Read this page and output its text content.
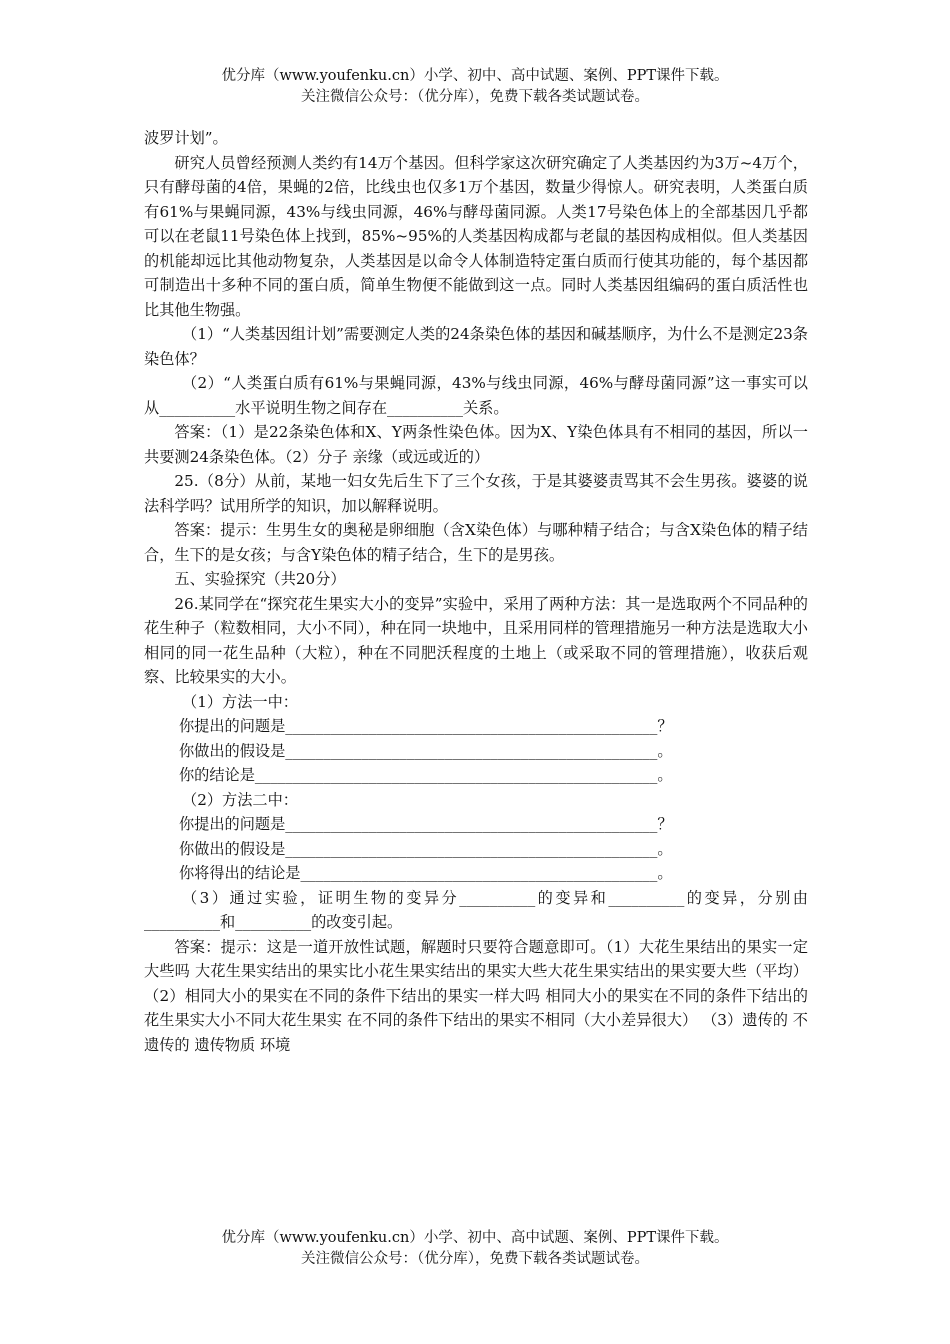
优分库（www.youfenku.cn）小学、初中、高中试题、案例、PPT课件下载。
关注微信公众号：（优分库），免费下载各类试题试卷。

波罗计划”。

研究人员曾经预测人类约有14万个基因。但科学家这次研究确定了人类基因约为3万~4万个，只有酵母菌的4倍，果蝇的2倍，比线虫也仅多1万个基因，数量少得惊人。研究表明，人类蛋白质有61%与果蝇同源，43%与线虫同源，46%与酵母菌同源。人类17号染色体上的全部基因几乎都可以在老鼠11号染色体上找到，85%~95%的人类基因构成都与老鼠的基因构成相似。但人类基因的机能却远比其他动物复杂，人类基因是以命令人体制造特定蛋白质而行使其功能的，每个基因都可制造出十多种不同的蛋白质，简单生物便不能做到这一点。同时人类基因组编码的蛋白质活性也比其他生物强。

（1）“人类基因组计划”需要测定人类的24条染色体的基因和碱基顺序，为什么不是测定23条染色体？

（2）“人类蛋白质有61%与果蝇同源，43%与线虫同源，46%与酵母菌同源”这一事实可以从__________水平说明生物之间存在__________关系。

答案：（1）是22条染色体和X、Y两条性染色体。因为X、Y染色体具有不相同的基因，所以一共要测24条染色体。（2）分子 亲缘（或远或近的）

25.（8分）从前，某地一妇女先后生下了三个女孩，于是其婆婆责骂其不会生男孩。婆婆的说法科学吗？试用所学的知识，加以解释说明。

答案：提示：生男生女的奥秘是卵细胞（含X染色体）与哪种精子结合；与含X染色体的精子结合，生下的是女孩；与含Y染色体的精子结合，生下的是男孩。

五、实验探究（共20分）

26.某同学在“探究花生果实大小的变异”实验中，采用了两种方法：其一是选取两个不同品种的花生种子（粒数相同，大小不同），种在同一块地中，且采用同样的管理措施另一种方法是选取大小相同的同一花生品种（大粒），种在不同肥沃程度的土地上（或采取不同的管理措施），收获后观察、比较果实的大小。

（1）方法一中：

你提出的问题是_________________________________________________？

你做出的假设是_________________________________________________。

你的结论是_____________________________________________________。

（2）方法二中：

你提出的问题是_________________________________________________？

你做出的假设是_________________________________________________。

你将得出的结论是_______________________________________________。

（3）通过实验，证明生物的变异分__________的变异和__________的变异，分别由__________和__________的改变引起。

答案：提示：这是一道开放性试题，解题时只要符合题意即可。（1）大花生果结出的果实一定大些吗 大花生果实结出的果实比小花生果实结出的果实大些大花生果实结出的果实要大些（平均） （2）相同大小的果实在不同的条件下结出的果实一样大吗 相同大小的果实在不同的条件下结出的花生果实大小不同大花生果实 在不同的条件下结出的果实不相同（大小差异很大） （3）遗传的 不遗传的 遗传物质 环境

优分库（www.youfenku.cn）小学、初中、高中试题、案例、PPT课件下载。
关注微信公众号：（优分库），免费下载各类试题试卷。
